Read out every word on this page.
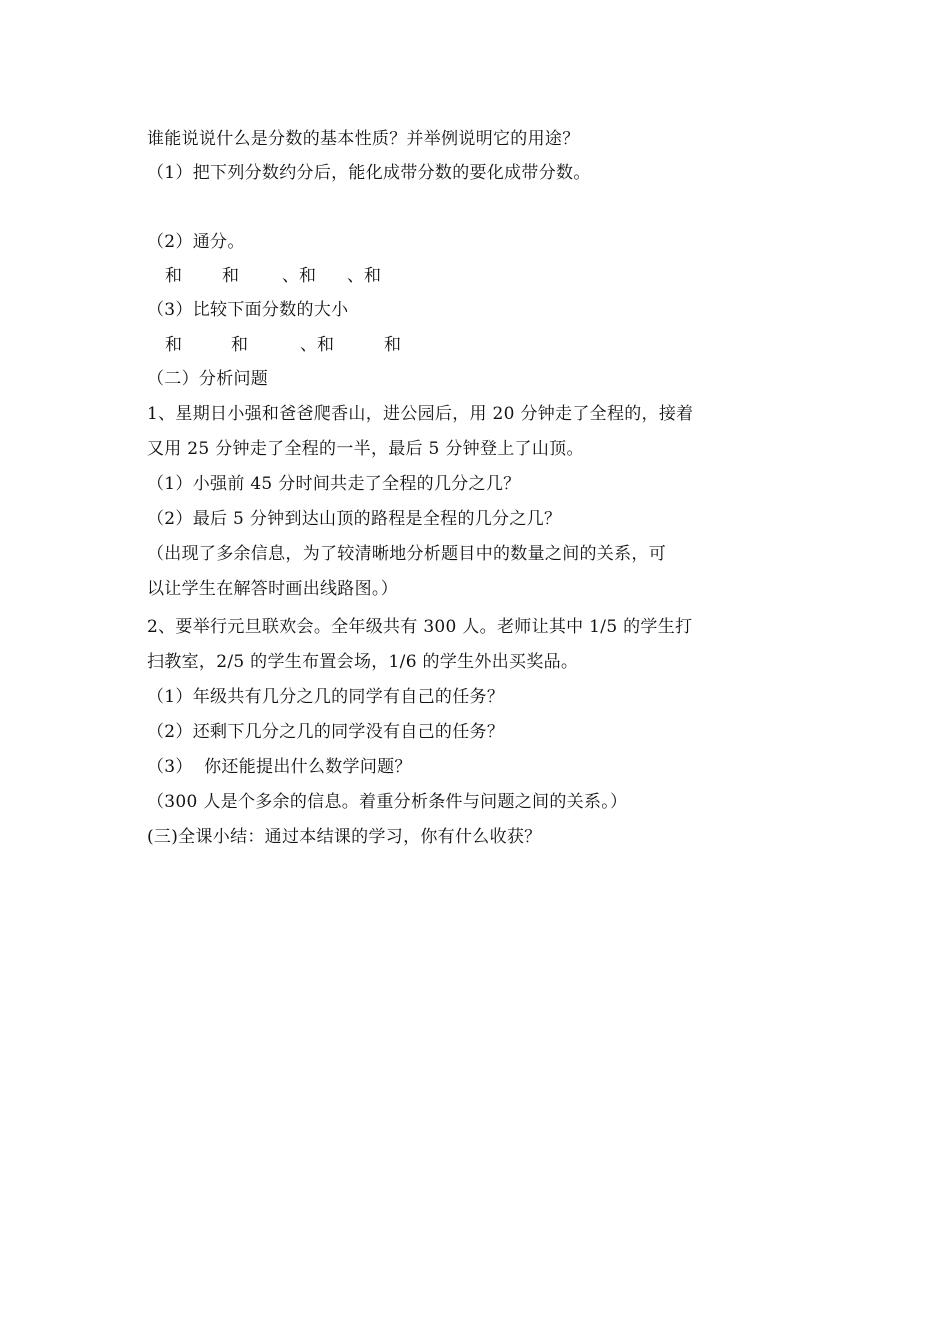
谁能说说什么是分数的基本性质？并举例说明它的用途？
（1）把下列分数约分后，能化成带分数的要化成带分数。
（2）通分。
和 和	、和 、和
（3）比较下面分数的大小
和	和	、和	和
（二）分析问题
1、星期日小强和爸爸爬香山，进公园后，用 20 分钟走了全程的，接着
又用 25 分钟走了全程的一半，最后 5 分钟登上了山顶。
（1）小强前 45 分时间共走了全程的几分之几？
（2）最后 5 分钟到达山顶的路程是全程的几分之几？
（出现了多余信息，为了较清晰地分析题目中的数量之间的关系，可
以让学生在解答时画出线路图。）
2、要举行元旦联欢会。全年级共有 300 人。老师让其中 1/5 的学生打
扫教室，2/5 的学生布置会场，1/6 的学生外出买奖品。
（1）年级共有几分之几的同学有自己的任务？
（2）还剩下几分之几的同学没有自己的任务？
（3）  你还能提出什么数学问题？
（300 人是个多余的信息。着重分析条件与问题之间的关系。）
(三)全课小结：通过本结课的学习，你有什么收获？
